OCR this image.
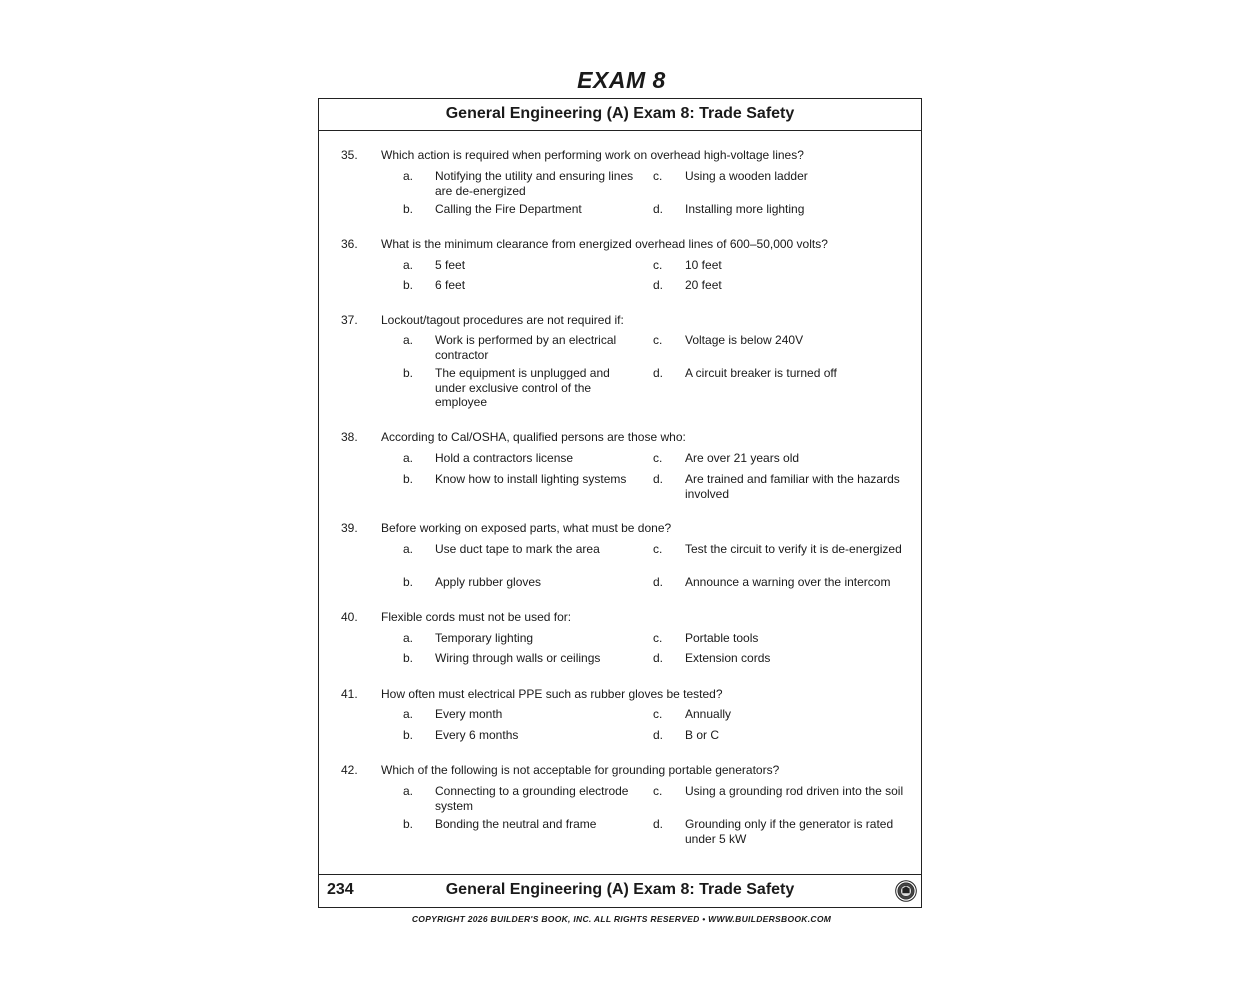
EXAM 8
General Engineering (A) Exam 8: Trade Safety
35. Which action is required when performing work on overhead high-voltage lines?
a. Notifying the utility and ensuring lines are de-energized
b. Calling the Fire Department
c. Using a wooden ladder
d. Installing more lighting
36. What is the minimum clearance from energized overhead lines of 600–50,000 volts?
a. 5 feet
b. 6 feet
c. 10 feet
d. 20 feet
37. Lockout/tagout procedures are not required if:
a. Work is performed by an electrical contractor
b. The equipment is unplugged and under exclusive control of the employee
c. Voltage is below 240V
d. A circuit breaker is turned off
38. According to Cal/OSHA, qualified persons are those who:
a. Hold a contractors license
b. Know how to install lighting systems
c. Are over 21 years old
d. Are trained and familiar with the hazards involved
39. Before working on exposed parts, what must be done?
a. Use duct tape to mark the area
b. Apply rubber gloves
c. Test the circuit to verify it is de-energized
d. Announce a warning over the intercom
40. Flexible cords must not be used for:
a. Temporary lighting
b. Wiring through walls or ceilings
c. Portable tools
d. Extension cords
41. How often must electrical PPE such as rubber gloves be tested?
a. Every month
b. Every 6 months
c. Annually
d. B or C
42. Which of the following is not acceptable for grounding portable generators?
a. Connecting to a grounding electrode system
b. Bonding the neutral and frame
c. Using a grounding rod driven into the soil
d. Grounding only if the generator is rated under 5 kW
234	General Engineering (A) Exam 8: Trade Safety
COPYRIGHT 2026 BUILDER'S BOOK, INC. ALL RIGHTS RESERVED • WWW.BUILDERSBOOK.COM
